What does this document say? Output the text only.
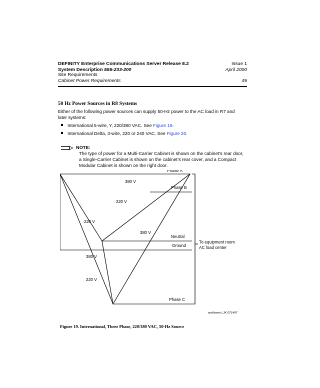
DEFINITY Enterprise Communications Server Release 8.2	Issue 1
System Description 555-233-200	April 2000
Site Requirements
Cabinet Power Requirements	49
50 Hz Power Sources in R8 Systems
Either of the following power sources can supply 50-Hz power to the AC load in R7 and later systems:
International 5-wire, Y, 220/380 VAC. See Figure 19.
International Delta, 3-wire, 220 or 240 VAC. See Figure 20.
NOTE:
The type of power for a Multi-Carrier Cabinet is shown on the cabinet's rear door, a Single-Carrier Cabinet is shown on the cabinet's rear cover, and a Compact Modular Cabinet is shown on the right door.
Phase A
Phase B
Neutral
Ground
Phase C
380 V
220 V
220 V
380 V
380 V
220 V
To equipment room
AC load center
andfswye LJK 071497
Figure 19. International, Three Phase, 220/380 VAC, 50-Hz Source
